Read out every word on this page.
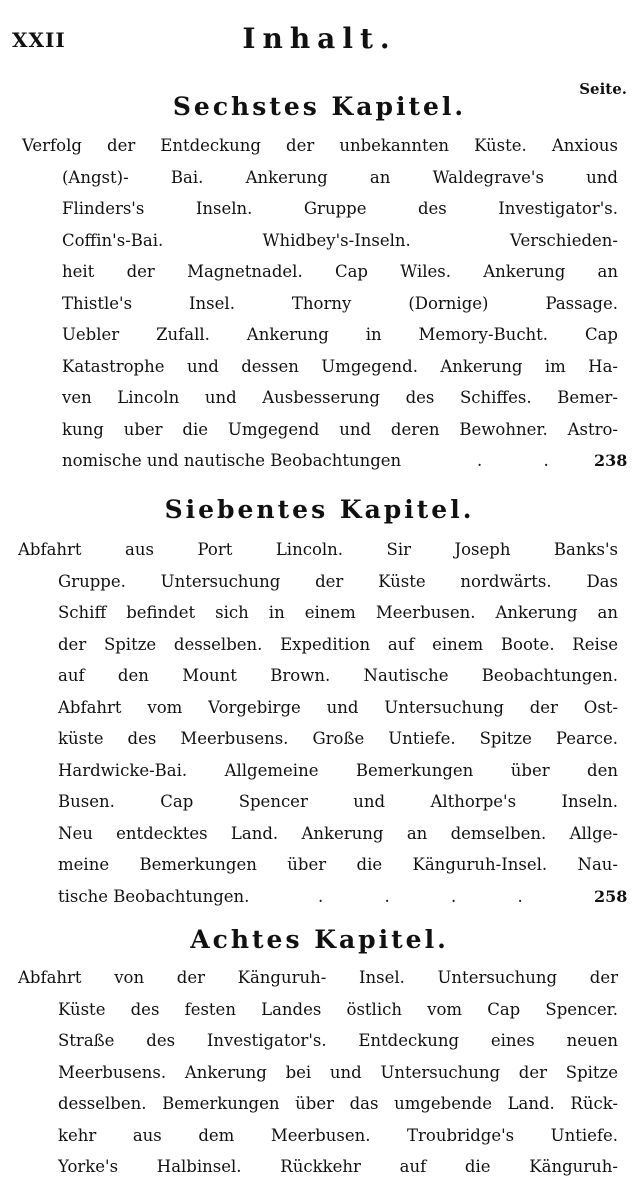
XXII	Inhalt.
Seite.
Sechstes Kapitel.
Verfolg der Entdeckung der unbekannten Küste. Anxious
(Angst)- Bai. Ankerung an Waldegrave's und
Flinders's Inseln. Gruppe des Investigator's.
Coffin's-Bai. Whidbey's-Inseln. Verschieden-
heit der Magnetnadel. Cap Wiles. Ankerung an
Thistle's Insel. Thorny (Dornige) Passage.
Uebler Zufall. Ankerung in Memory-Bucht. Cap
Katastrophe und dessen Umgegend. Ankerung im Ha-
ven Lincoln und Ausbesserung des Schiffes. Bemer-
kung uber die Umgegend und deren Bewohner. Astro-
nomische und nautische Beobachtungen	. . 238
Siebentes Kapitel.
Abfahrt aus Port Lincoln. Sir Joseph Banks's
Gruppe. Untersuchung der Küste nordwärts. Das
Schiff befindet sich in einem Meerbusen. Ankerung an
der Spitze desselben. Expedition auf einem Boote. Reise
auf den Mount Brown. Nautische Beobachtungen.
Abfahrt vom Vorgebirge und Untersuchung der Ost-
küste des Meerbusens. Große Untiefe. Spitze Pearce.
Hardwicke-Bai. Allgemeine Bemerkungen über den
Busen. Cap Spencer und Althorpe's Inseln.
Neu entdecktes Land. Ankerung an demselben. Allge-
meine Bemerkungen über die Känguruh-Insel. Nau-
tische Beobachtungen.	. . . .	258
Achtes Kapitel.
Abfahrt von der Känguruh- Insel. Untersuchung der
Küste des festen Landes östlich vom Cap Spencer.
Straße des Investigator's. Entdeckung eines neuen
Meerbusens. Ankerung bei und Untersuchung der Spitze
desselben. Bemerkungen über das umgebende Land. Rück-
kehr aus dem Meerbusen. Troubridge's Untiefe.
Yorke's Halbinsel. Rückkehr auf die Känguruh-
